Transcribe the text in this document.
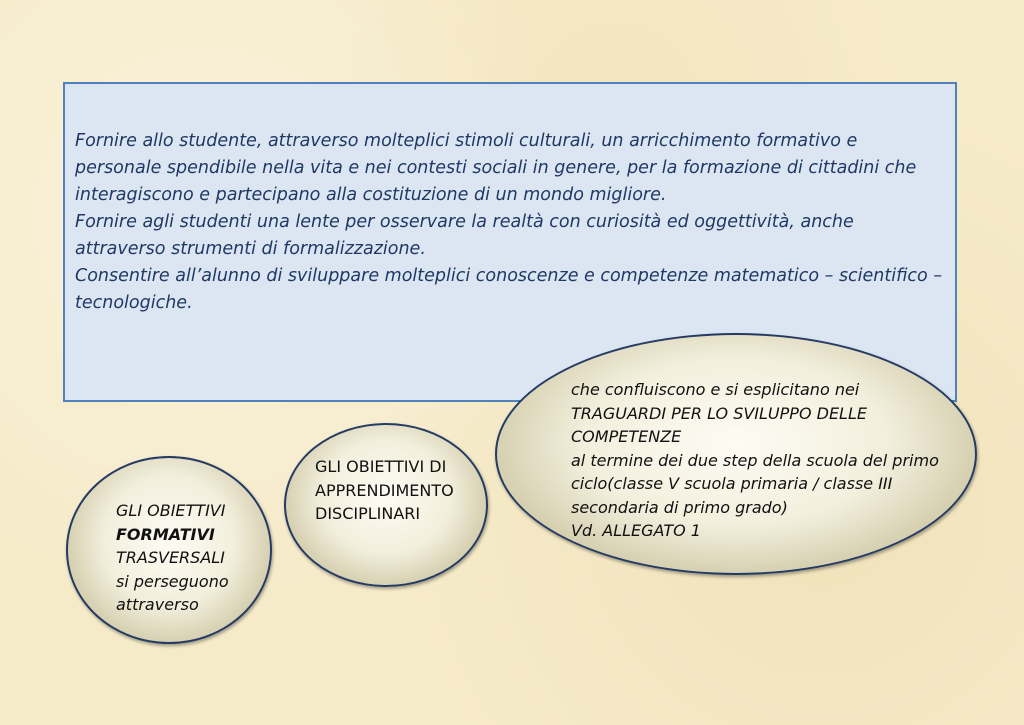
Fornire allo studente, attraverso molteplici stimoli culturali, un arricchimento formativo e personale spendibile nella vita e nei contesti sociali in genere, per la formazione di cittadini che interagiscono e partecipano alla costituzione di un mondo migliore.

Fornire agli studenti una lente per osservare la realtà con curiosità ed oggettività, anche attraverso strumenti di formalizzazione.

Consentire all’alunno di sviluppare molteplici conoscenze e competenze matematico – scientifico – tecnologiche.

GLI OBIETTIVI
FORMATIVI
TRASVERSALI
si perseguono
attraverso
GLI OBIETTIVI DI
APPRENDIMENTO
DISCIPLINARI
che confluiscono e si esplicitano nei
TRAGUARDI PER LO SVILUPPO DELLE
COMPETENZE
al termine dei due step della scuola del primo
ciclo(classe V scuola primaria / classe III
secondaria di primo grado)
Vd. ALLEGATO 1
